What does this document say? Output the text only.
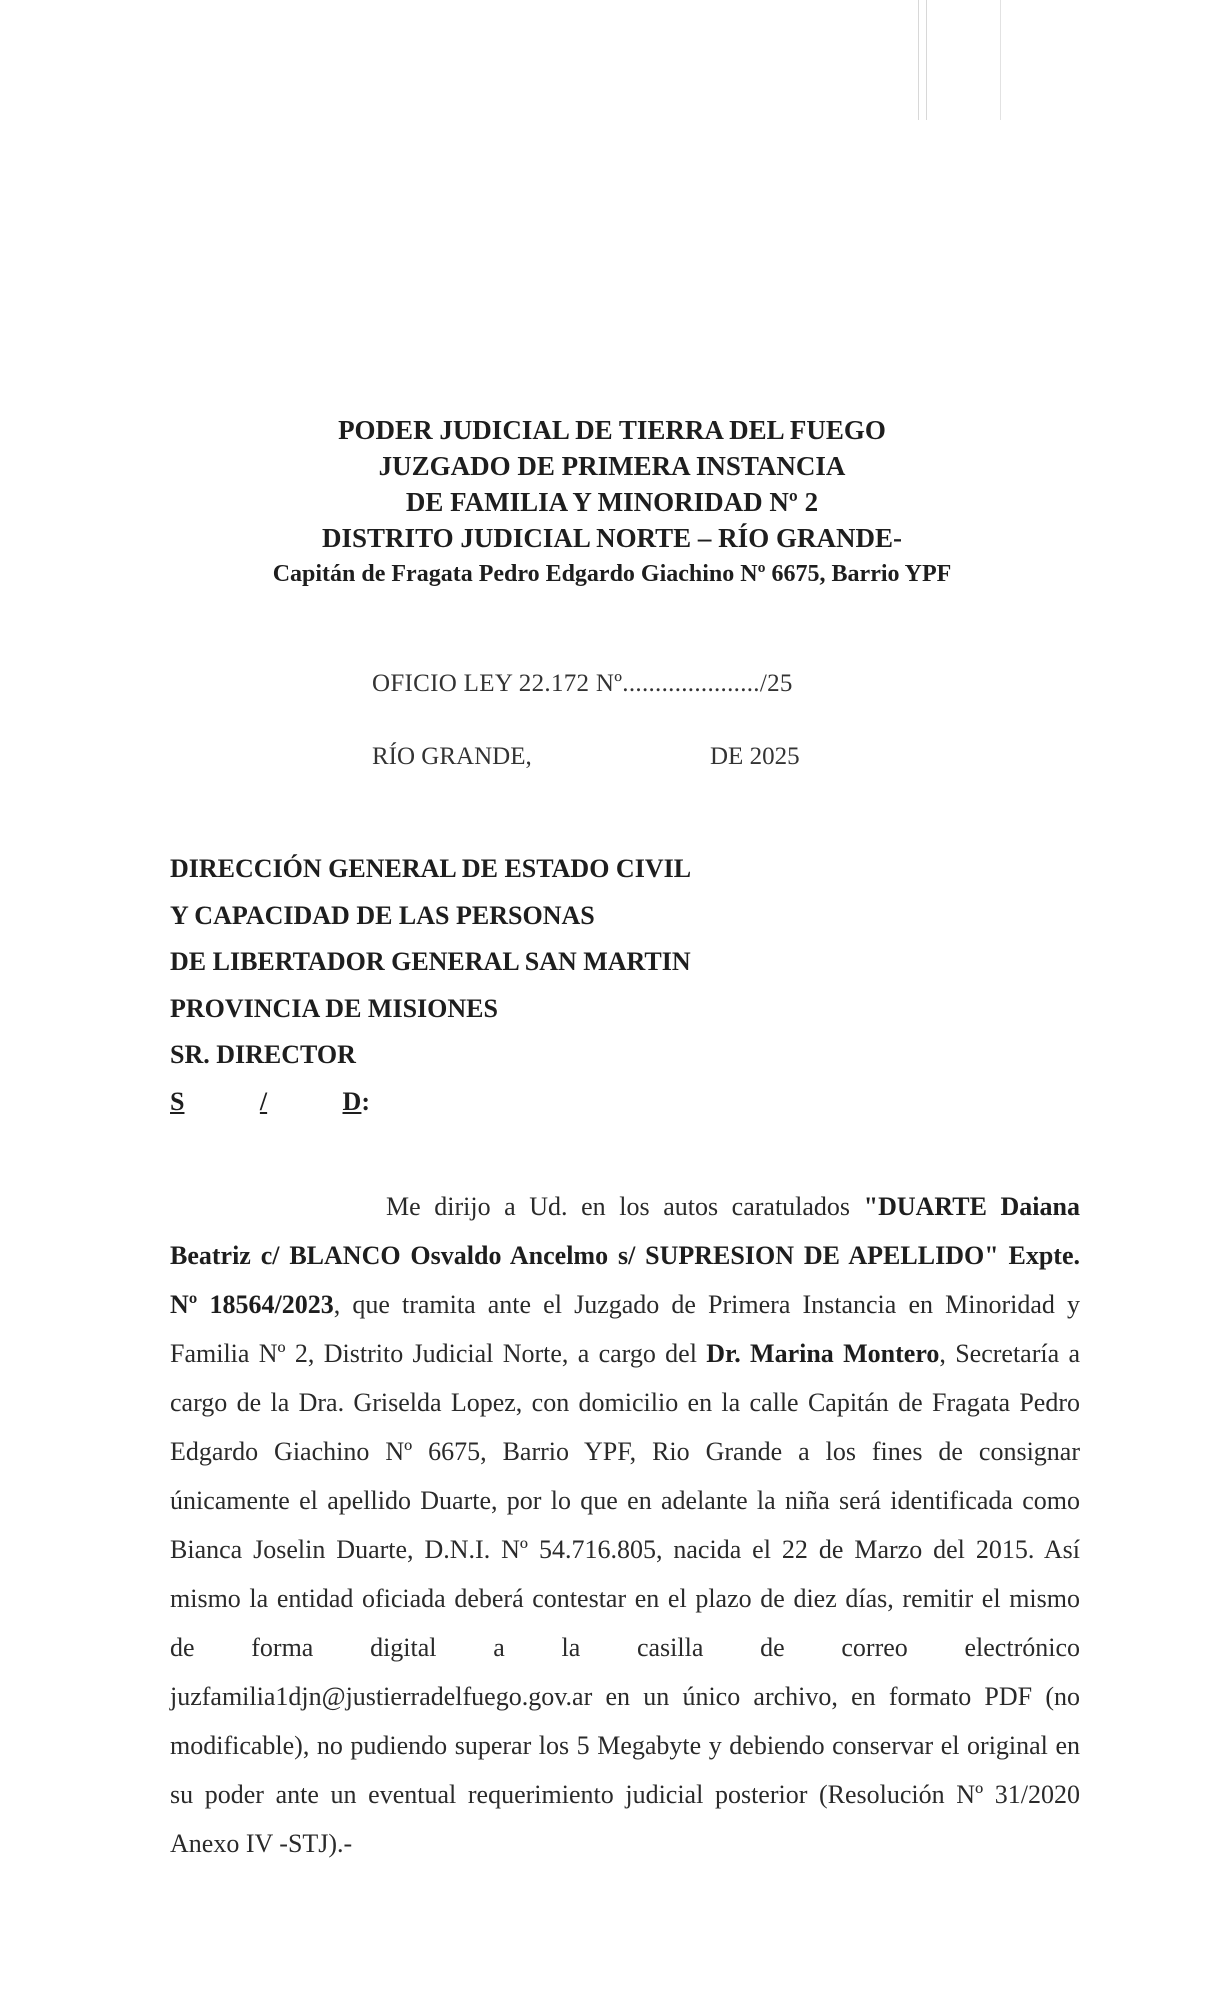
PODER JUDICIAL DE TIERRA DEL FUEGO
JUZGADO DE PRIMERA INSTANCIA
DE FAMILIA Y MINORIDAD Nº 2
DISTRITO JUDICIAL NORTE – RÍO GRANDE-
Capitán de Fragata Pedro Edgardo Giachino Nº 6675, Barrio YPF
OFICIO LEY 22.172 Nº...................../25
RÍO GRANDE,	DE 2025
DIRECCIÓN GENERAL DE ESTADO CIVIL
Y CAPACIDAD DE LAS PERSONAS
DE LIBERTADOR GENERAL SAN MARTIN
PROVINCIA DE MISIONES
SR. DIRECTOR
S	/	D:
Me dirijo a Ud. en los autos caratulados "DUARTE Daiana Beatriz c/ BLANCO Osvaldo Ancelmo s/ SUPRESION DE APELLIDO" Expte. Nº 18564/2023, que tramita ante el Juzgado de Primera Instancia en Minoridad y Familia Nº 2, Distrito Judicial Norte, a cargo del Dr. Marina Montero, Secretaría a cargo de la Dra. Griselda Lopez, con domicilio en la calle Capitán de Fragata Pedro Edgardo Giachino Nº 6675, Barrio YPF, Rio Grande a los fines de consignar únicamente el apellido Duarte, por lo que en adelante la niña será identificada como Bianca Joselin Duarte, D.N.I. Nº 54.716.805, nacida el 22 de Marzo del 2015. Así mismo la entidad oficiada deberá contestar en el plazo de diez días, remitir el mismo de forma digital a la casilla de correo electrónico juzfamilia1djn@justierradelfuego.gov.ar en un único archivo, en formato PDF (no modificable), no pudiendo superar los 5 Megabyte y debiendo conservar el original en su poder ante un eventual requerimiento judicial posterior (Resolución Nº 31/2020 Anexo IV -STJ).-
